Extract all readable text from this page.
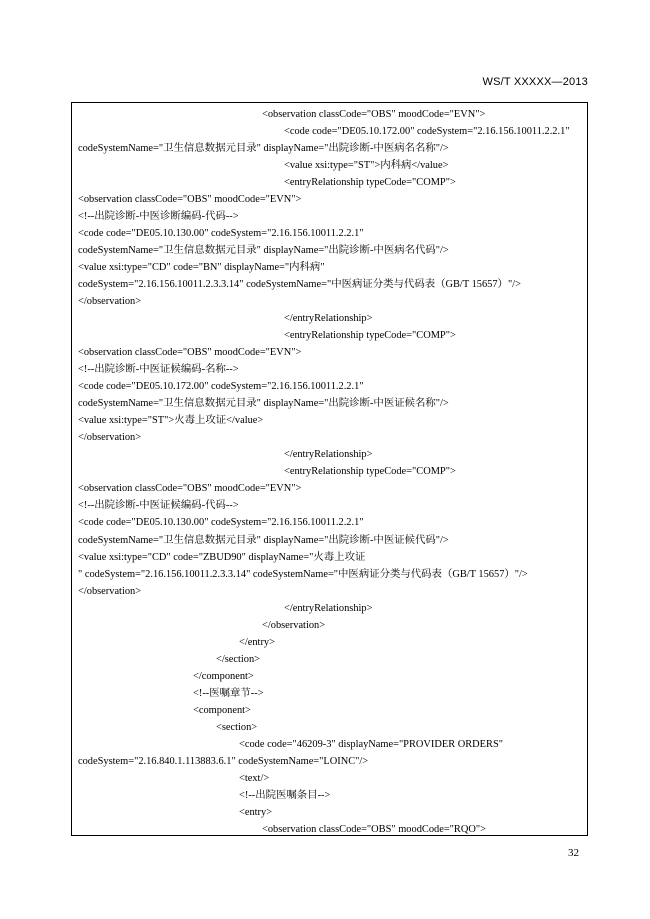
WS/T XXXXX—2013
<observation classCode="OBS" moodCode="EVN">
<code code="DE05.10.172.00" codeSystem="2.16.156.10011.2.2.1"
codeSystemName="卫生信息数据元目录" displayName="出院诊断-中医病名名称"/>
<value xsi:type="ST">内科病</value>
<entryRelationship typeCode="COMP">
<observation classCode="OBS" moodCode="EVN">
<!--出院诊断-中医诊断编码-代码-->
<code code="DE05.10.130.00" codeSystem="2.16.156.10011.2.2.1"
codeSystemName="卫生信息数据元目录" displayName="出院诊断-中医病名代码"/>
<value xsi:type="CD" code="BN" displayName="内科病"
codeSystem="2.16.156.10011.2.3.3.14" codeSystemName="中医病证分类与代码表（GB/T 15657）"/>
</observation>
</entryRelationship>
<entryRelationship typeCode="COMP">
<observation classCode="OBS" moodCode="EVN">
<!--出院诊断-中医证候编码-名称-->
<code code="DE05.10.172.00" codeSystem="2.16.156.10011.2.2.1"
codeSystemName="卫生信息数据元目录" displayName="出院诊断-中医证候名称"/>
<value xsi:type="ST">火毒上攻证</value>
</observation>
</entryRelationship>
<entryRelationship typeCode="COMP">
<observation classCode="OBS" moodCode="EVN">
<!--出院诊断-中医证候编码-代码-->
<code code="DE05.10.130.00" codeSystem="2.16.156.10011.2.2.1"
codeSystemName="卫生信息数据元目录" displayName="出院诊断-中医证候代码"/>
<value xsi:type="CD" code="ZBUD90" displayName="火毒上攻证
" codeSystem="2.16.156.10011.2.3.3.14" codeSystemName="中医病证分类与代码表（GB/T 15657）"/>
</observation>
</entryRelationship>
</observation>
</entry>
</section>
</component>
<!--医嘱章节-->
<component>
<section>
<code code="46209-3" displayName="PROVIDER ORDERS"
codeSystem="2.16.840.1.113883.6.1" codeSystemName="LOINC"/>
<text/>
<!--出院医嘱条目-->
<entry>
<observation classCode="OBS" moodCode="RQO">
32
